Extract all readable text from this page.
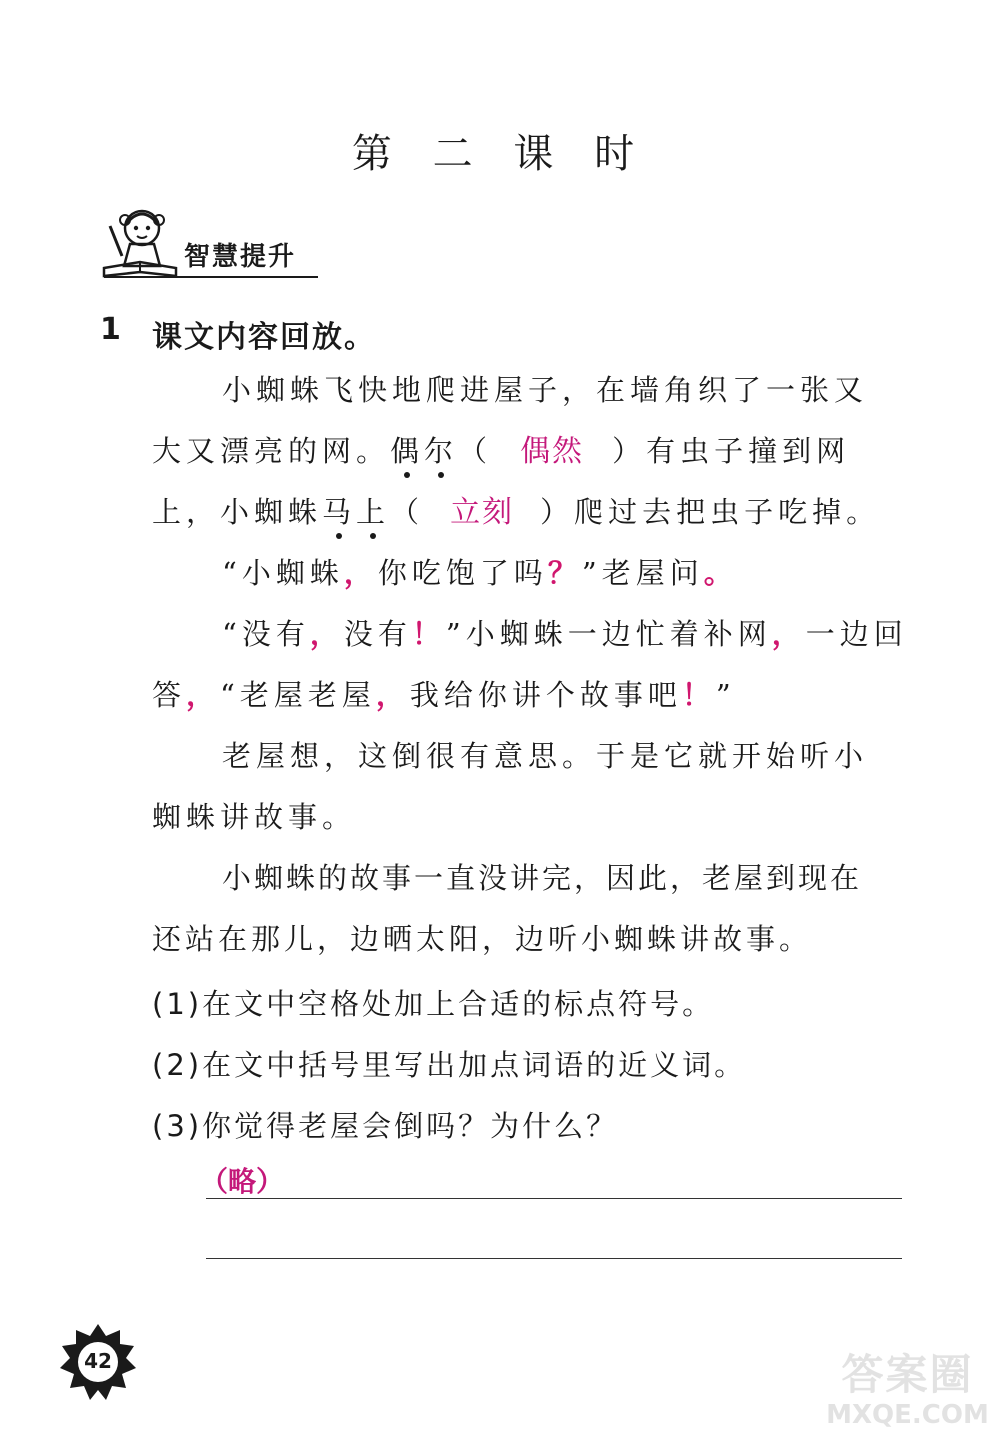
第 二 课 时
智慧提升
1 课文内容回放。
小蜘蛛飞快地爬进屋子，在墙角织了一张又
大又漂亮的网。偶尔（ 偶然 ）有虫子撞到网
上，小蜘蛛马上（ 立刻 ）爬过去把虫子吃掉。
“小蜘蛛，你吃饱了吗？”老屋问。
“没有，没有！”小蜘蛛一边忙着补网，一边回
答，“老屋老屋，我给你讲个故事吧！”
老屋想，这倒很有意思。于是它就开始听小
蜘蛛讲故事。
小蜘蛛的故事一直没讲完，因此，老屋到现在
还站在那儿，边晒太阳，边听小蜘蛛讲故事。
(1)在文中空格处加上合适的标点符号。
(2)在文中括号里写出加点词语的近义词。
(3)你觉得老屋会倒吗？为什么？
（略）
42	答案圈
MXQE.COM
